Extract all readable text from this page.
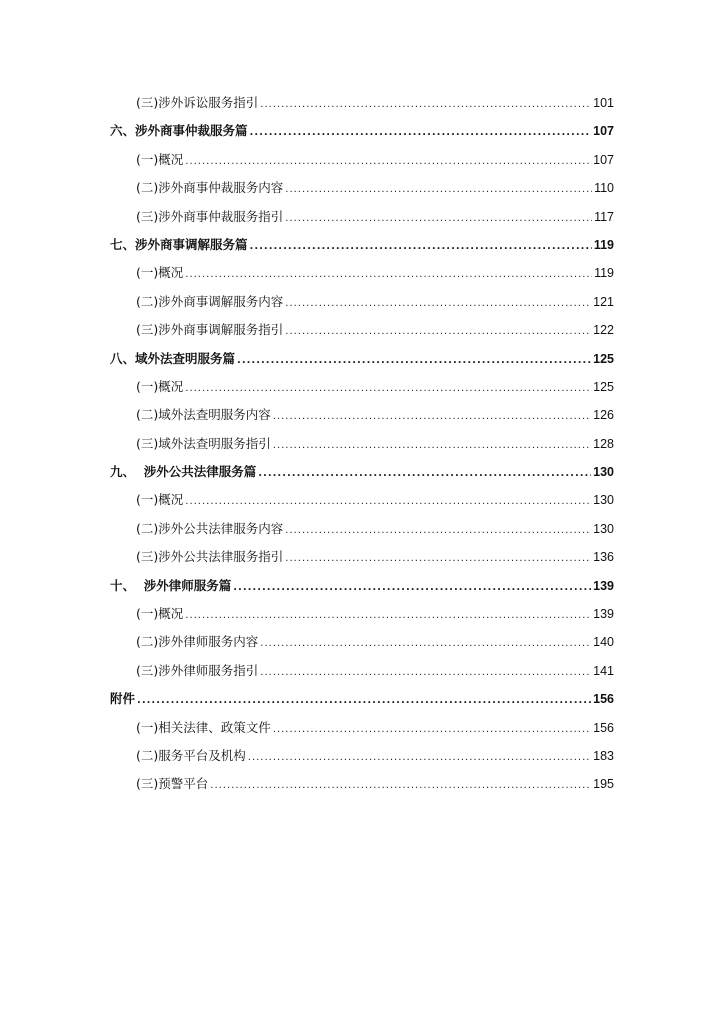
(三)涉外诉讼服务指引 .....	101
六、涉外商事仲裁服务篇 .....	107
(一)概况 .....	107
(二)涉外商事仲裁服务内容 .....	110
(三)涉外商事仲裁服务指引 .....	117
七、涉外商事调解服务篇 .....	119
(一)概况 .....	119
(二)涉外商事调解服务内容 .....	121
(三)涉外商事调解服务指引 .....	122
八、域外法查明服务篇 .....	125
(一)概况 .....	125
(二)域外法查明服务内容 .....	126
(三)域外法查明服务指引 .....	128
九、  涉外公共法律服务篇 .....	130
(一)概况 .....	130
(二)涉外公共法律服务内容 .....	130
(三)涉外公共法律服务指引 .....	136
十、  涉外律师服务篇 .....	139
(一)概况 .....	139
(二)涉外律师服务内容 .....	140
(三)涉外律师服务指引 .....	141
附件 .....	156
(一)相关法律、政策文件 .....	156
(二)服务平台及机构 .....	183
(三)预警平台 .....	195
